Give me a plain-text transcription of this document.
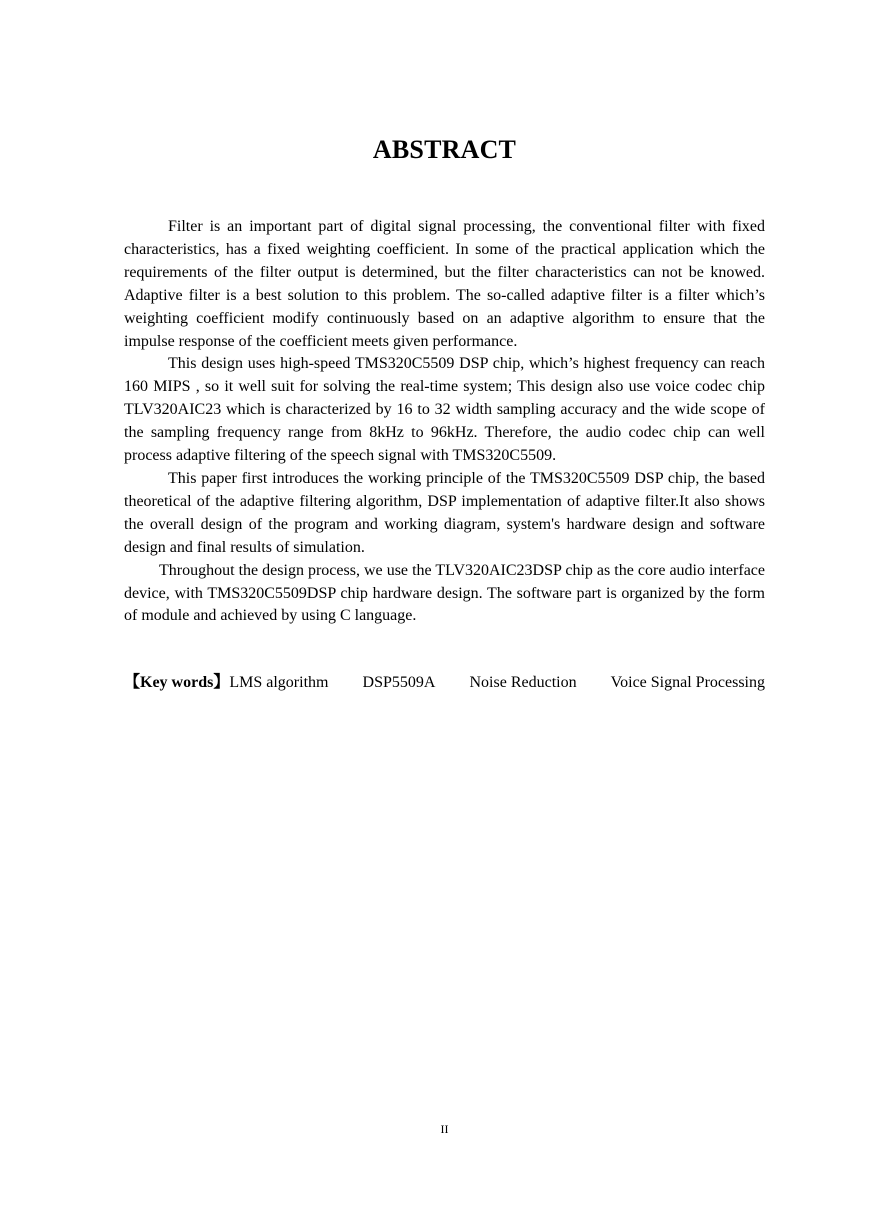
ABSTRACT

Filter is an important part of digital signal processing, the conventional filter with fixed characteristics, has a fixed weighting coefficient. In some of the practical application which the requirements of the filter output is determined, but the filter characteristics can not be knowed. Adaptive filter is a best solution to this problem. The so-called adaptive filter is a filter which’s weighting coefficient modify continuously based on an adaptive algorithm to ensure that the impulse response of the coefficient meets given performance.

This design uses high-speed TMS320C5509 DSP chip, which’s highest frequency can reach 160 MIPS , so it well suit for solving the real-time system; This design also use voice codec chip TLV320AIC23 which is characterized by 16 to 32 width sampling accuracy and the wide scope of the sampling frequency range from 8kHz to 96kHz. Therefore, the audio codec chip can well process adaptive filtering of the speech signal with TMS320C5509.

This paper first introduces the working principle of the TMS320C5509 DSP chip, the based theoretical of the adaptive filtering algorithm, DSP implementation of adaptive filter.It also shows the overall design of the program and working diagram, system's hardware design and software design and final results of simulation.

Throughout the design process, we use the TLV320AIC23DSP chip as the core audio interface device, with TMS320C5509DSP chip hardware design. The software part is organized by the form of module and achieved by using C language.

【Key words】LMS algorithm DSP5509A Noise Reduction Voice Signal Processing
II
